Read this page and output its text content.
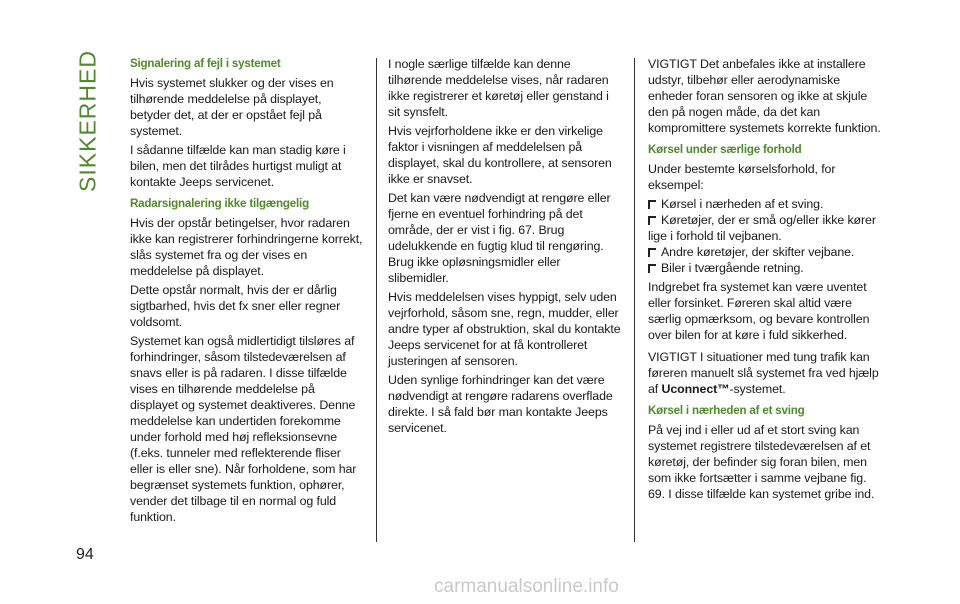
SIKKERHED	Signalering af fejl i systemet

Hvis systemet slukker og der vises en tilhørende meddelelse på displayet, betyder det, at der er opstået fejl på systemet.

I sådanne tilfælde kan man stadig køre i bilen, men det tilrådes hurtigst muligt at kontakte Jeeps servicenet.

Radarsignalering ikke tilgængelig

Hvis der opstår betingelser, hvor radaren ikke kan registrerer forhindringerne korrekt, slås systemet fra og der vises en meddelelse på displayet.

Dette opstår normalt, hvis der er dårlig sigtbarhed, hvis det fx sner eller regner voldsomt.

Systemet kan også midlertidigt tilsløres af forhindringer, såsom tilstedeværelsen af snavs eller is på radaren. I disse tilfælde vises en tilhørende meddelelse på displayet og systemet deaktiveres. Denne meddelelse kan undertiden forekomme under forhold med høj refleksionsevne (f.eks. tunneler med reflekterende fliser eller is eller sne). Når forholdene, som har begrænset systemets funktion, ophører, vender det tilbage til en normal og fuld funktion.

I nogle særlige tilfælde kan denne tilhørende meddelelse vises, når radaren ikke registrerer et køretøj eller genstand i sit synsfelt.

Hvis vejrforholdene ikke er den virkelige faktor i visningen af meddelelsen på displayet, skal du kontrollere, at sensoren ikke er snavset.

Det kan være nødvendigt at rengøre eller fjerne en eventuel forhindring på det område, der er vist i fig. 67. Brug udelukkende en fugtig klud til rengøring. Brug ikke opløsningsmidler eller slibemidler.

Hvis meddelelsen vises hyppigt, selv uden vejrforhold, såsom sne, regn, mudder, eller andre typer af obstruktion, skal du kontakte Jeeps servicenet for at få kontrolleret justeringen af sensoren.

Uden synlige forhindringer kan det være nødvendigt at rengøre radarens overflade direkte. I så fald bør man kontakte Jeeps servicenet.

VIGTIGT Det anbefales ikke at installere udstyr, tilbehør eller aerodynamiske enheder foran sensoren og ikke at skjule den på nogen måde, da det kan kompromittere systemets korrekte funktion.

Kørsel under særlige forhold

Under bestemte kørselsforhold, for eksempel:

Kørsel i nærheden af et sving.
Køretøjer, der er små og/eller ikke kører lige i forhold til vejbanen.
Andre køretøjer, der skifter vejbane.
Biler i tværgående retning.

Indgrebet fra systemet kan være uventet eller forsinket. Føreren skal altid være særlig opmærksom, og bevare kontrollen over bilen for at køre i fuld sikkerhed.

VIGTIGT I situationer med tung trafik kan føreren manuelt slå systemet fra ved hjælp af Uconnect™-systemet.

Kørsel i nærheden af et sving

På vej ind i eller ud af et stort sving kan systemet registrere tilstedeværelsen af et køretøj, der befinder sig foran bilen, men som ikke fortsætter i samme vejbane fig. 69. I disse tilfælde kan systemet gribe ind.

94
carmanualsonline.info
